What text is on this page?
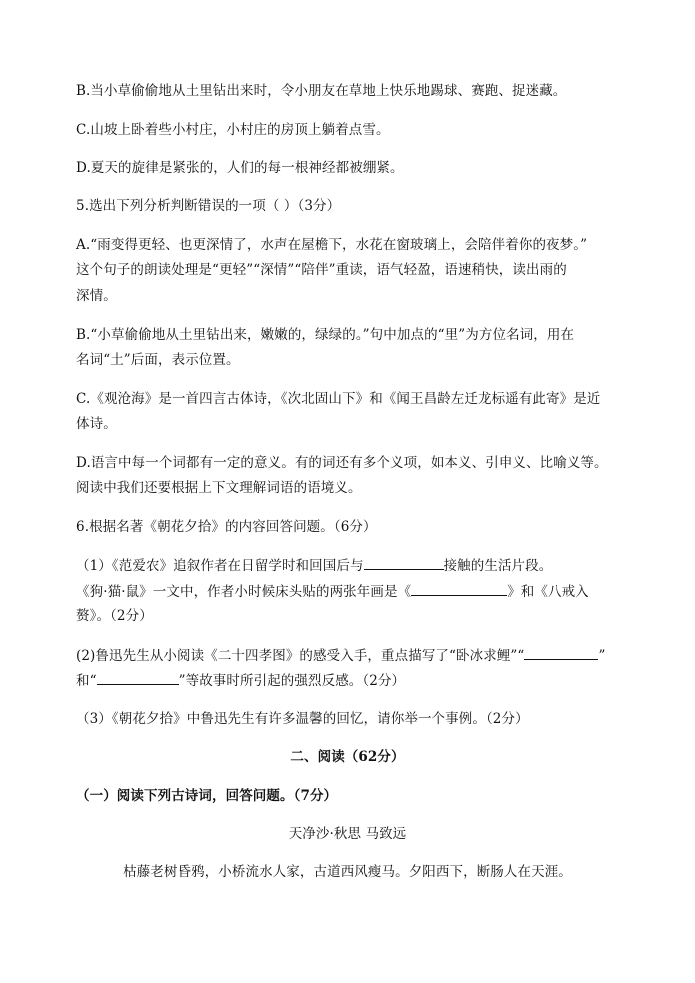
B.当小草偷偷地从土里钻出来时，令小朋友在草地上快乐地踢球、赛跑、捉迷藏。
C.山坡上卧着些小村庄，小村庄的房顶上躺着点雪。
D.夏天的旋律是紧张的，人们的每一根神经都被绷紧。
5.选出下列分析判断错误的一项（ ）（3分）
A.“雨变得更轻、也更深情了，水声在屋檐下，水花在窗玻璃上，会陪伴着你的夜梦。”
这个句子的朗读处理是“更轻”“深情”“陪伴”重读，语气轻盈，语速稍快，读出雨的
深情。
B.“小草偷偷地从土里钻出来，嫩嫩的，绿绿的。”句中加点的“里”为方位名词，用在
名词“土”后面，表示位置。
C.《观沧海》是一首四言古体诗，《次北固山下》和《闻王昌龄左迁龙标遥有此寄》是近
体诗。
D.语言中每一个词都有一定的意义。有的词还有多个义项，如本义、引申义、比喻义等。
阅读中我们还要根据上下文理解词语的语境义。
6.根据名著《朝花夕拾》的内容回答问题。（6分）
（1）《范爱农》追叙作者在日留学时和回国后与	接触的生活片段。
《狗·猫·鼠》一文中，作者小时候床头贴的两张年画是《	》和《八戒入
赘》。（2分）
(2)鲁迅先生从小阅读《二十四孝图》的感受入手，重点描写了“卧冰求鲤”“	”
和“	”等故事时所引起的强烈反感。（2分）
（3）《朝花夕拾》中鲁迅先生有许多温馨的回忆，请你举一个事例。（2分）
二、阅读（62分）
（一）阅读下列古诗词，回答问题。（7分）
天净沙·秋思 马致远
枯藤老树昏鸦，小桥流水人家，古道西风瘦马。夕阳西下，断肠人在天涯。
